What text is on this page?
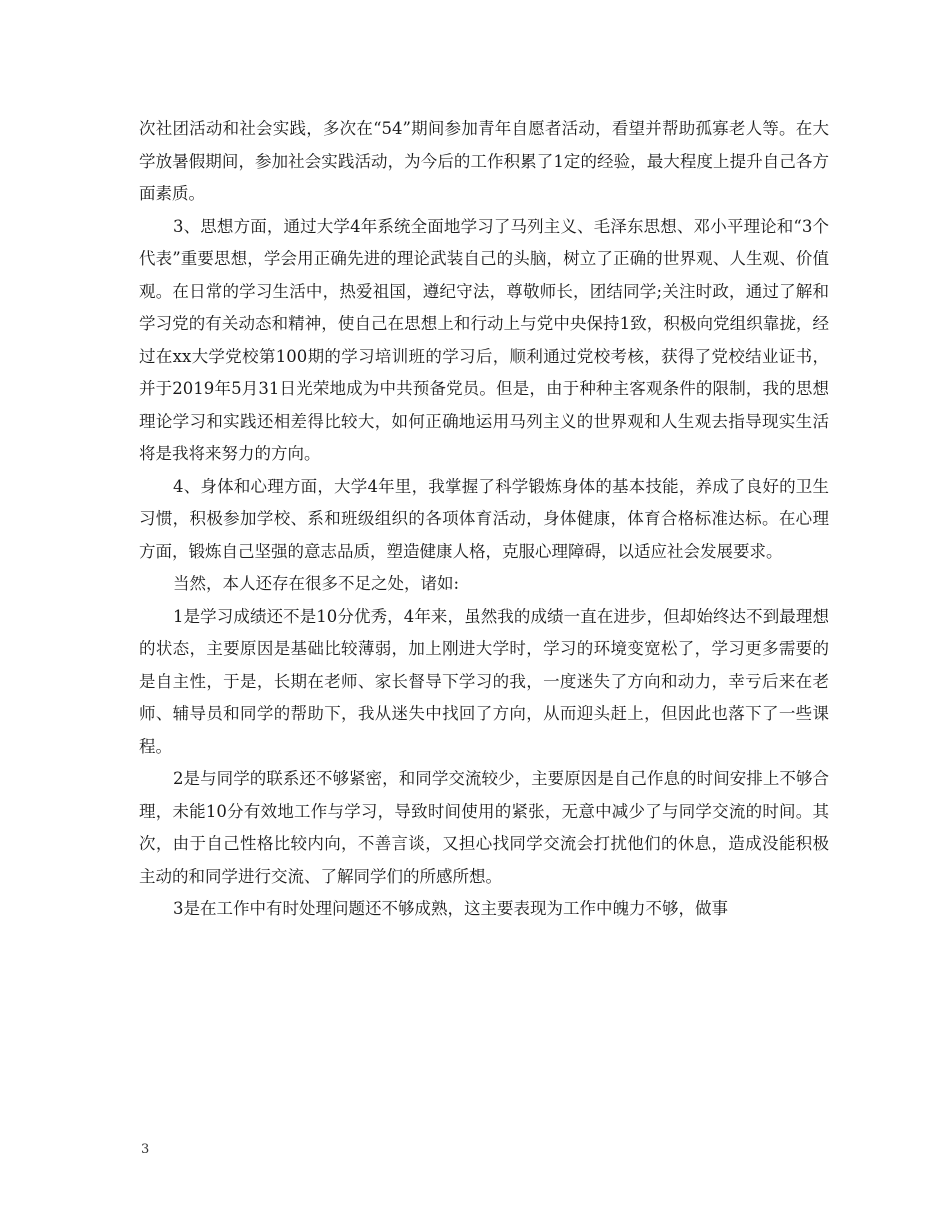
次社团活动和社会实践，多次在“54”期间参加青年自愿者活动，看望并帮助孤寡老人等。在大学放暑假期间，参加社会实践活动，为今后的工作积累了1定的经验，最大程度上提升自己各方面素质。

3、思想方面，通过大学4年系统全面地学习了马列主义、毛泽东思想、邓小平理论和“3个代表”重要思想，学会用正确先进的理论武装自己的头脑，树立了正确的世界观、人生观、价值观。在日常的学习生活中，热爱祖国，遵纪守法，尊敬师长，团结同学;关注时政，通过了解和学习党的有关动态和精神，使自己在思想上和行动上与党中央保持1致，积极向党组织靠拢，经过在xx大学党校第100期的学习培训班的学习后，顺利通过党校考核，获得了党校结业证书，并于2019年5月31日光荣地成为中共预备党员。但是，由于种种主客观条件的限制，我的思想理论学习和实践还相差得比较大，如何正确地运用马列主义的世界观和人生观去指导现实生活将是我将来努力的方向。

4、身体和心理方面，大学4年里，我掌握了科学锻炼身体的基本技能，养成了良好的卫生习惯，积极参加学校、系和班级组织的各项体育活动，身体健康，体育合格标准达标。在心理方面，锻炼自己坚强的意志品质，塑造健康人格，克服心理障碍，以适应社会发展要求。

当然，本人还存在很多不足之处，诸如:

1是学习成绩还不是10分优秀，4年来，虽然我的成绩一直在进步，但却始终达不到最理想的状态，主要原因是基础比较薄弱，加上刚进大学时，学习的环境变宽松了，学习更多需要的是自主性，于是，长期在老师、家长督导下学习的我，一度迷失了方向和动力，幸亏后来在老师、辅导员和同学的帮助下，我从迷失中找回了方向，从而迎头赶上，但因此也落下了一些课程。

2是与同学的联系还不够紧密，和同学交流较少，主要原因是自己作息的时间安排上不够合理，未能10分有效地工作与学习，导致时间使用的紧张，无意中减少了与同学交流的时间。其次，由于自己性格比较内向，不善言谈，又担心找同学交流会打扰他们的休息，造成没能积极主动的和同学进行交流、了解同学们的所感所想。

3是在工作中有时处理问题还不够成熟，这主要表现为工作中魄力不够，做事

3
